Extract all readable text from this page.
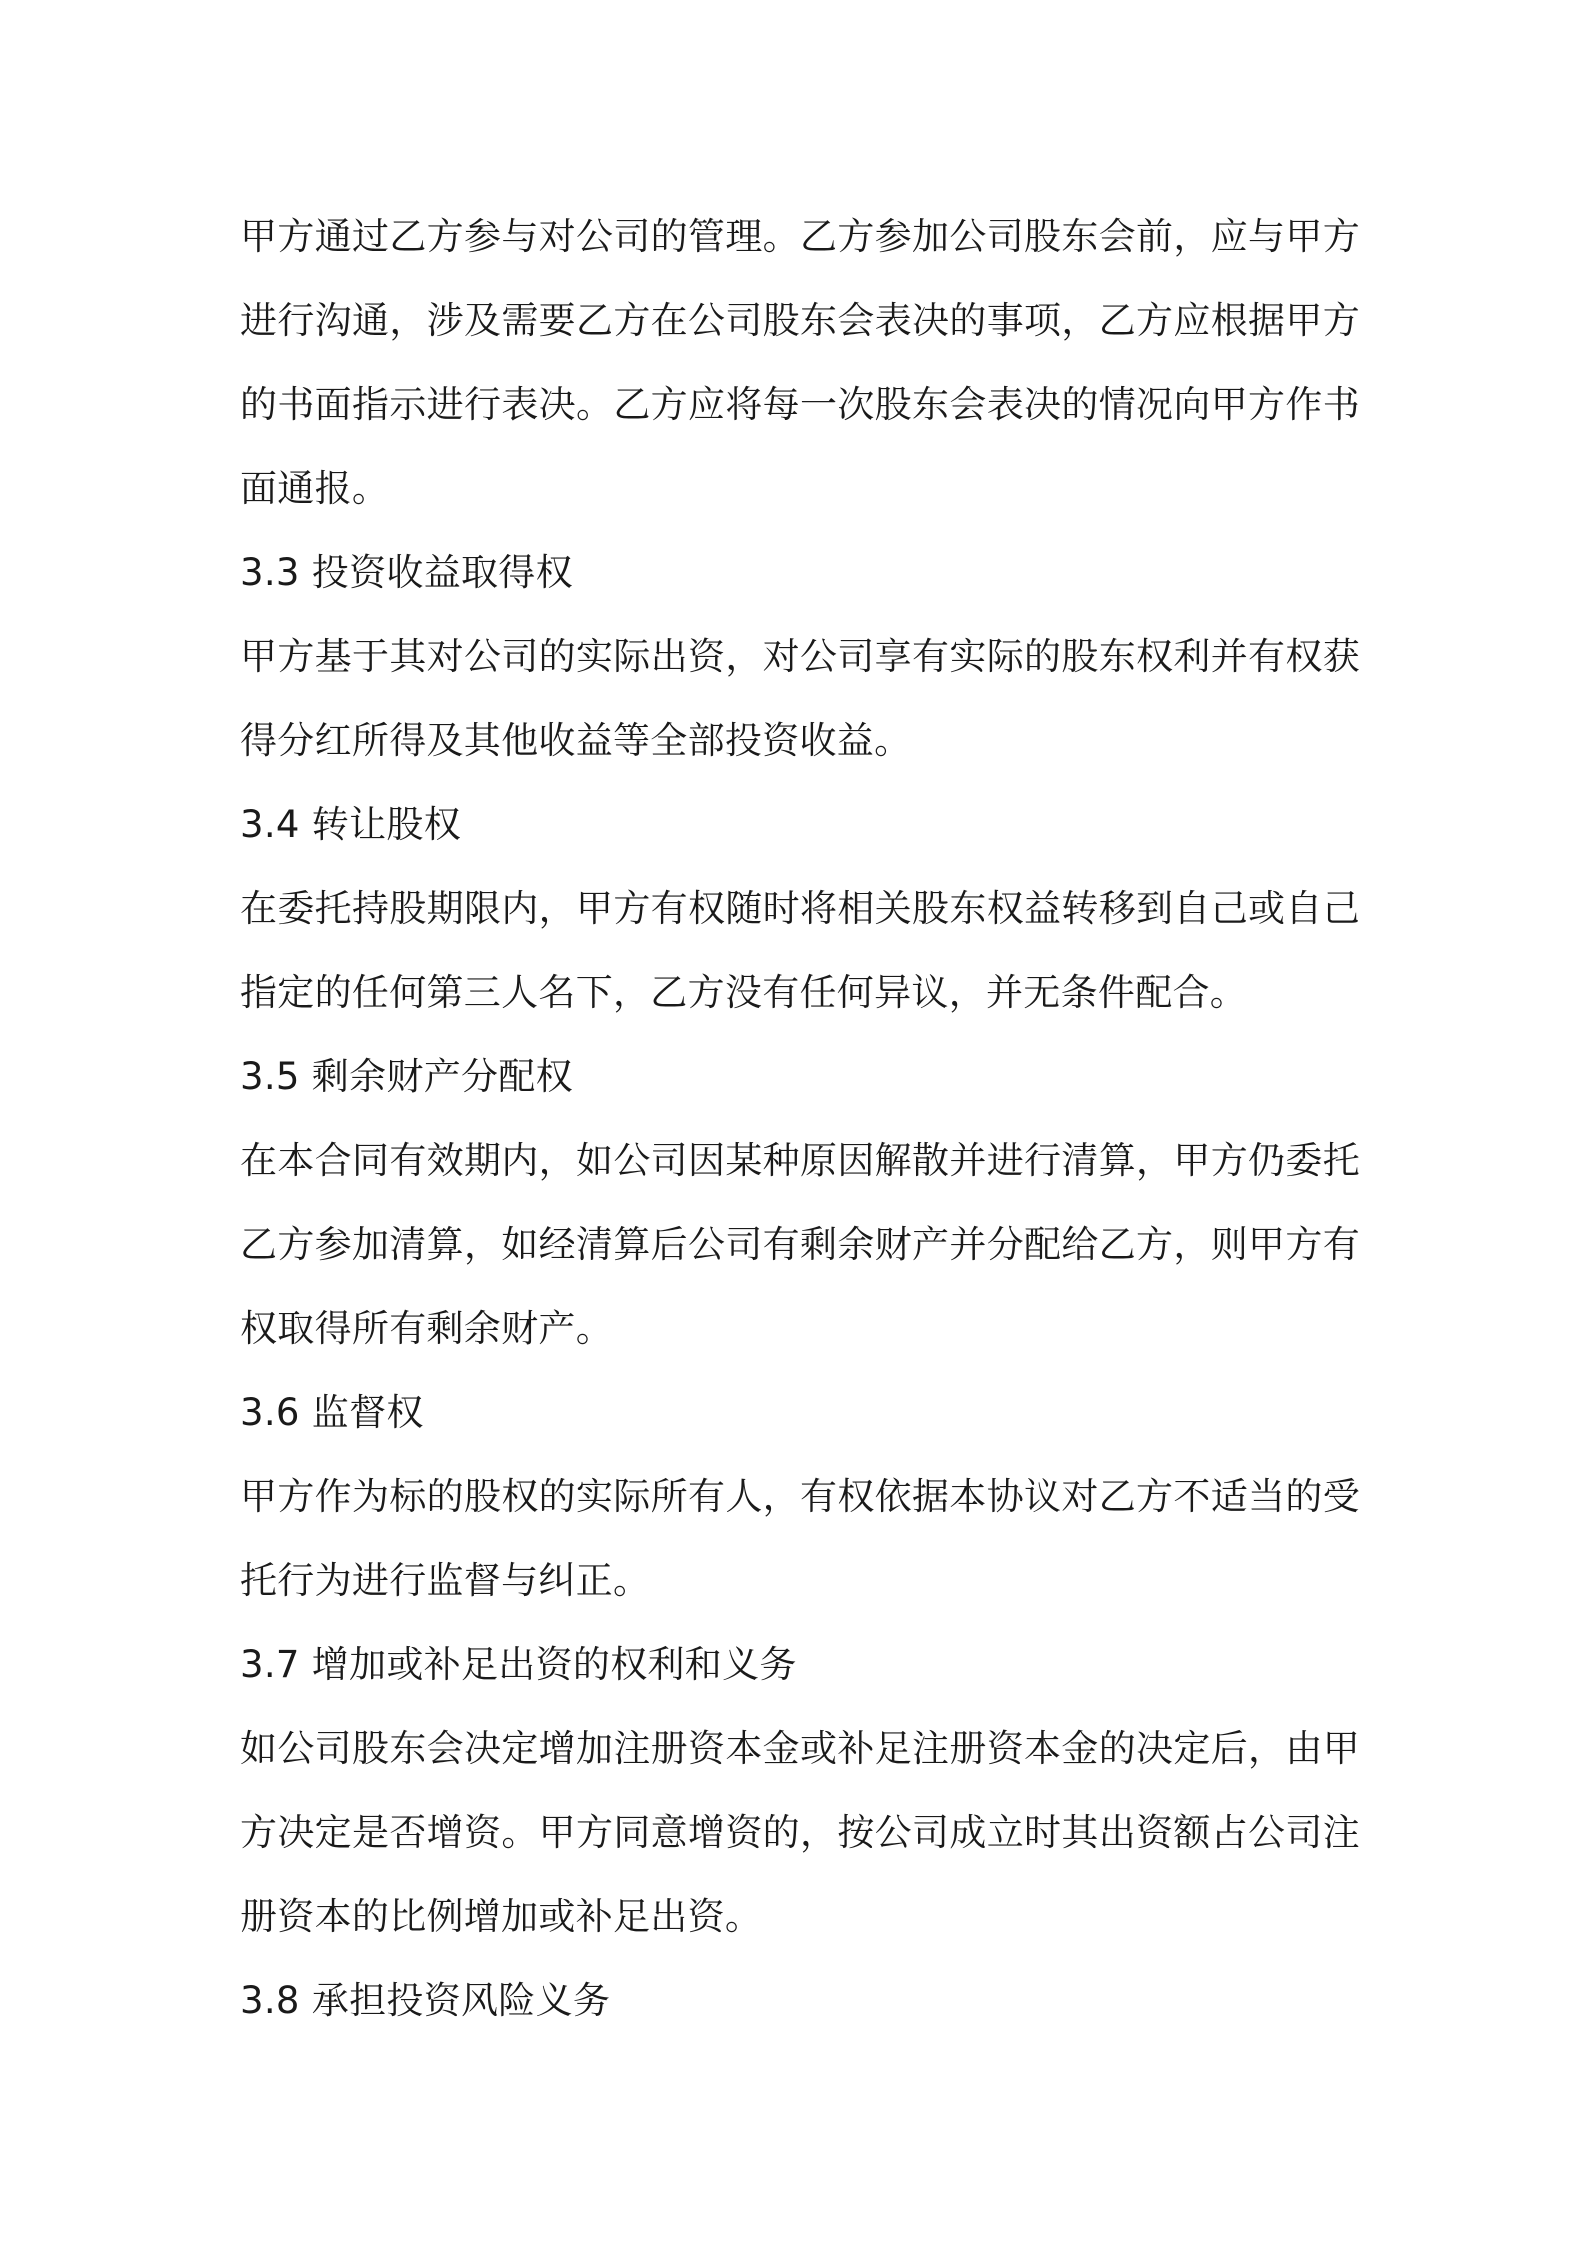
甲方通过乙方参与对公司的管理。乙方参加公司股东会前，应与甲方进行沟通，涉及需要乙方在公司股东会表决的事项，乙方应根据甲方的书面指示进行表决。乙方应将每一次股东会表决的情况向甲方作书面通报。

3.3 投资收益取得权

甲方基于其对公司的实际出资，对公司享有实际的股东权利并有权获得分红所得及其他收益等全部投资收益。

3.4 转让股权

在委托持股期限内，甲方有权随时将相关股东权益转移到自己或自己指定的任何第三人名下，乙方没有任何异议，并无条件配合。

3.5 剩余财产分配权

在本合同有效期内，如公司因某种原因解散并进行清算，甲方仍委托乙方参加清算，如经清算后公司有剩余财产并分配给乙方，则甲方有权取得所有剩余财产。

3.6 监督权

甲方作为标的股权的实际所有人，有权依据本协议对乙方不适当的受托行为进行监督与纠正。

3.7 增加或补足出资的权利和义务

如公司股东会决定增加注册资本金或补足注册资本金的决定后，由甲方决定是否增资。甲方同意增资的，按公司成立时其出资额占公司注册资本的比例增加或补足出资。

3.8 承担投资风险义务
